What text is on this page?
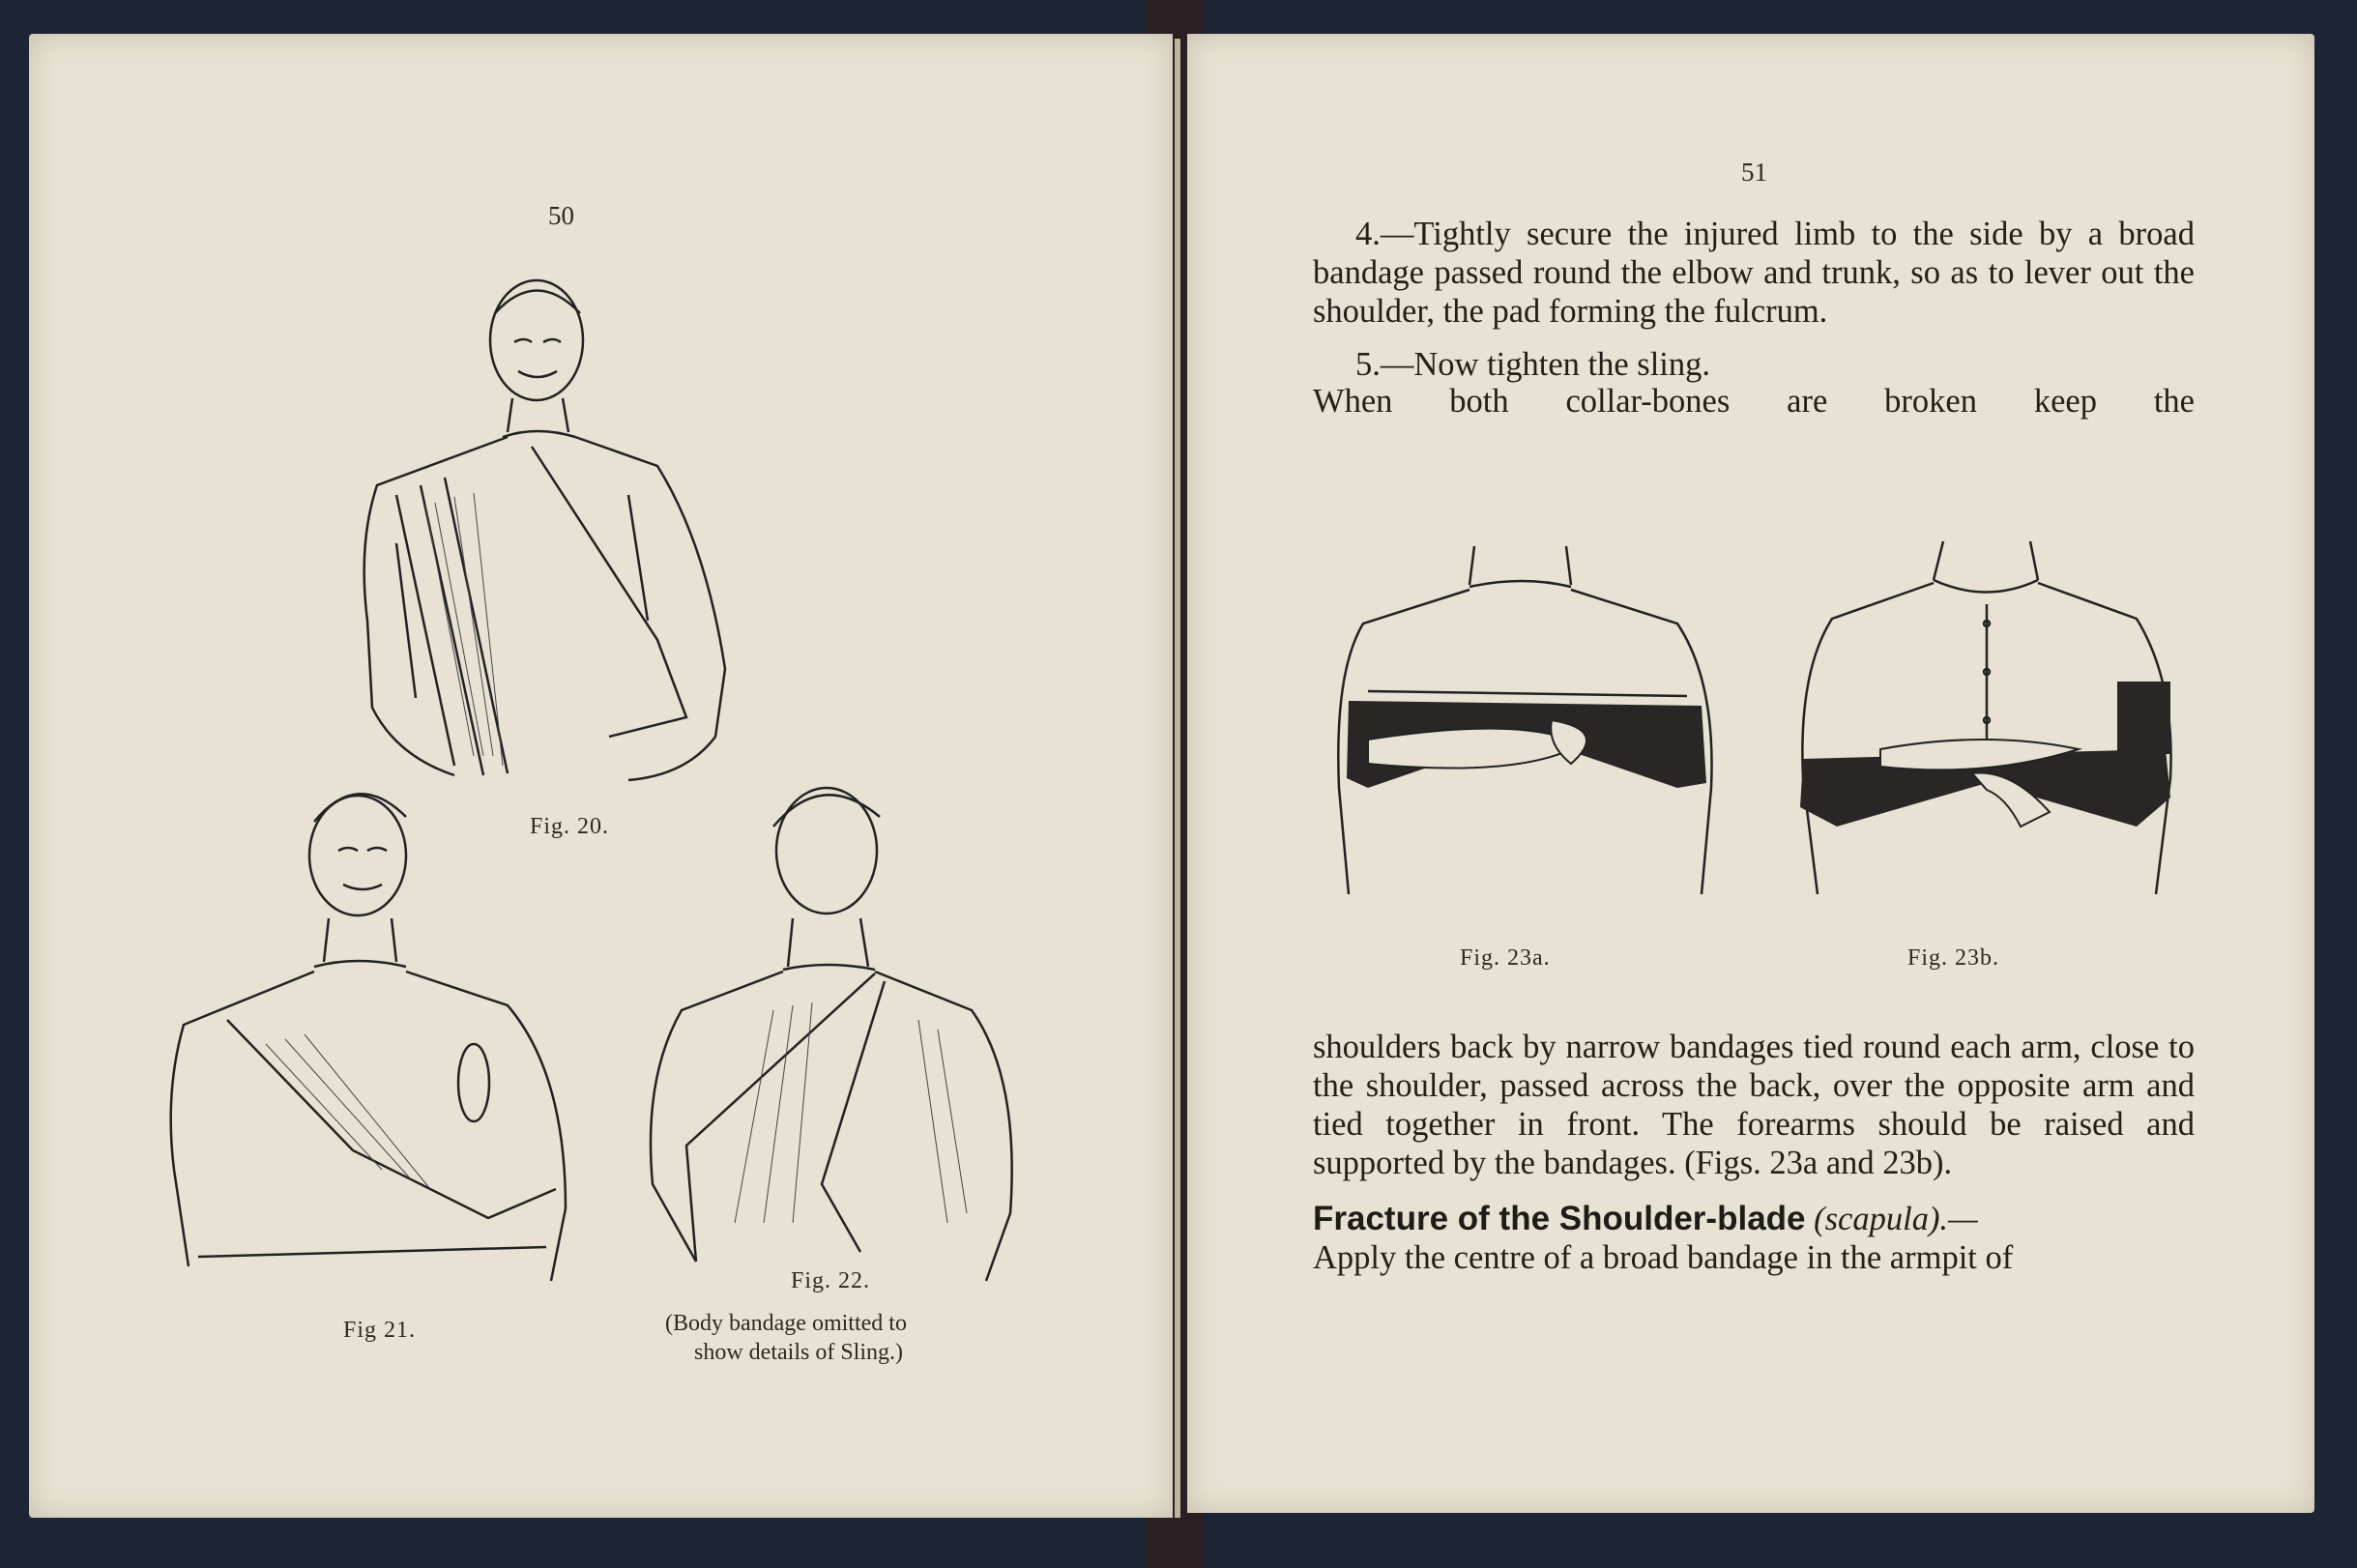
50
Fig. 20.
Fig 21.
Fig. 22.
(Body bandage omitted to
show details of Sling.)
51

4.—Tightly secure the injured limb to the side by a broad bandage passed round the elbow and trunk, so as to lever out the shoulder, the pad forming the fulcrum.

5.—Now tighten the sling.

When both collar-bones are broken keep the

Fig. 23a.	Fig. 23b.

shoulders back by narrow bandages tied round each arm, close to the shoulder, passed across the back, over the opposite arm and tied together in front. The forearms should be raised and supported by the bandages. (Figs. 23a and 23b).

Fracture of the Shoulder-blade (scapula).—

Apply the centre of a broad bandage in the armpit of
